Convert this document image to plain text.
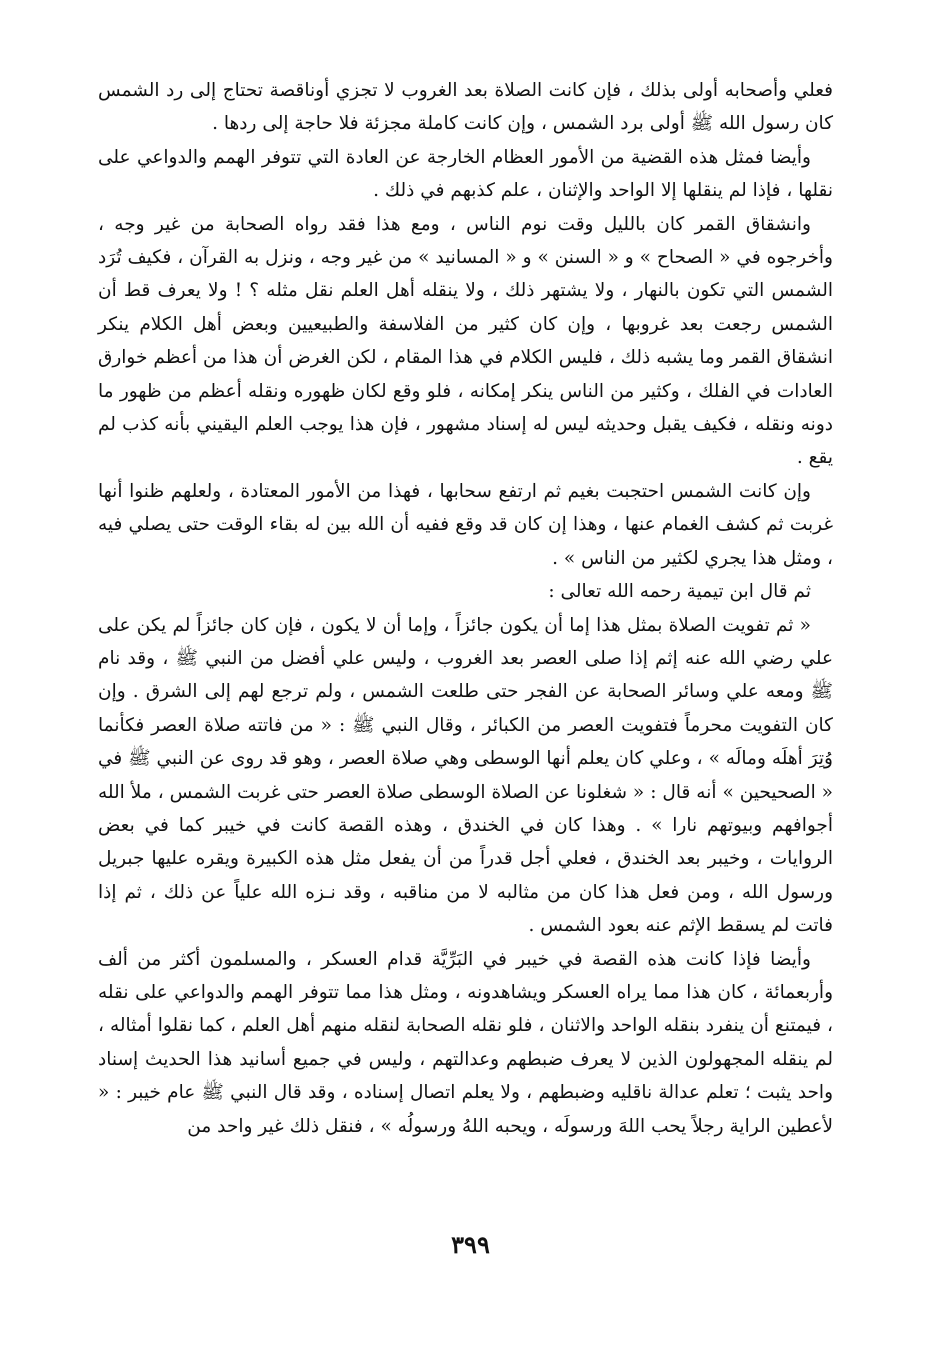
فعلي وأصحابه أولى بذلك ، فإن كانت الصلاة بعد الغروب لا تجزي أوناقصة تحتاج إلى رد الشمس كان رسول الله ﷺ أولى برد الشمس ، وإن كانت كاملة مجزئة فلا حاجة إلى ردها .

وأيضا فمثل هذه القضية من الأمور العظام الخارجة عن العادة التي تتوفر الهمم والدواعي على نقلها ، فإذا لم ينقلها إلا الواحد والإثنان ، علم كذبهم في ذلك .

وانشقاق القمر كان بالليل وقت نوم الناس ، ومع هذا فقد رواه الصحابة من غير وجه ، وأخرجوه في « الصحاح » و « السنن » و « المسانيد » من غير وجه ، ونزل به القرآن ، فكيف تُرَد الشمس التي تكون بالنهار ، ولا يشتهر ذلك ، ولا ينقله أهل العلم نقل مثله ؟ ! ولا يعرف قط أن الشمس رجعت بعد غروبها ، وإن كان كثير من الفلاسفة والطبيعيين وبعض أهل الكلام ينكر انشقاق القمر وما يشبه ذلك ، فليس الكلام في هذا المقام ، لكن الغرض أن هذا من أعظم خوارق العادات في الفلك ، وكثير من الناس ينكر إمكانه ، فلو وقع لكان ظهوره ونقله أعظم من ظهور ما دونه ونقله ، فكيف يقبل وحديثه ليس له إسناد مشهور ، فإن هذا يوجب العلم اليقيني بأنه كذب لم يقع .

وإن كانت الشمس احتجبت بغيم ثم ارتفع سحابها ، فهذا من الأمور المعتادة ، ولعلهم ظنوا أنها غربت ثم كشف الغمام عنها ، وهذا إن كان قد وقع ففيه أن الله بين له بقاء الوقت حتى يصلي فيه ، ومثل هذا يجري لكثير من الناس » .

ثم قال ابن تيمية رحمه الله تعالى :

« ثم تفويت الصلاة بمثل هذا إما أن يكون جائزاً ، وإما أن لا يكون ، فإن كان جائزاً لم يكن على علي رضي الله عنه إثم إذا صلى العصر بعد الغروب ، وليس علي أفضل من النبي ﷺ ، وقد نام ﷺ ومعه علي وسائر الصحابة عن الفجر حتى طلعت الشمس ، ولم ترجع لهم إلى الشرق . وإن كان التفويت محرماً فتفويت العصر من الكبائر ، وقال النبي ﷺ : « من فاتته صلاة العصر فكأنما وُتِرَ أهلَه ومالَه » ، وعلي كان يعلم أنها الوسطى وهي صلاة العصر ، وهو قد روى عن النبي ﷺ في « الصحيحين » أنه قال : « شغلونا عن الصلاة الوسطى صلاة العصر حتى غربت الشمس ، ملأ الله أجوافهم وبيوتهم نارا » . وهذا كان في الخندق ، وهذه القصة كانت في خيبر كما في بعض الروايات ، وخيبر بعد الخندق ، فعلي أجل قدراً من أن يفعل مثل هذه الكبيرة ويقره عليها جبريل ورسول الله ، ومن فعل هذا كان من مثالبه لا من مناقبه ، وقد نـزه الله علياً عن ذلك ، ثم إذا فاتت لم يسقط الإثم عنه بعود الشمس .

وأيضا فإذا كانت هذه القصة في خيبر في البَرِّيَّة قدام العسكر ، والمسلمون أكثر من ألف وأربعمائة ، كان هذا مما يراه العسكر ويشاهدونه ، ومثل هذا مما تتوفر الهمم والدواعي على نقله ، فيمتنع أن ينفرد بنقله الواحد والاثنان ، فلو نقله الصحابة لنقله منهم أهل العلم ، كما نقلوا أمثاله ، لم ينقله المجهولون الذين لا يعرف ضبطهم وعدالتهم ، وليس في جميع أسانيد هذا الحديث إسناد واحد يثبت ؛ تعلم عدالة ناقليه وضبطهم ، ولا يعلم اتصال إسناده ، وقد قال النبي ﷺ عام خيبر : « لأعطين الراية رجلاً يحب اللهَ ورسولَه ، ويحبه اللهُ ورسولُه » ، فنقل ذلك غير واحد من

٣٩٩
